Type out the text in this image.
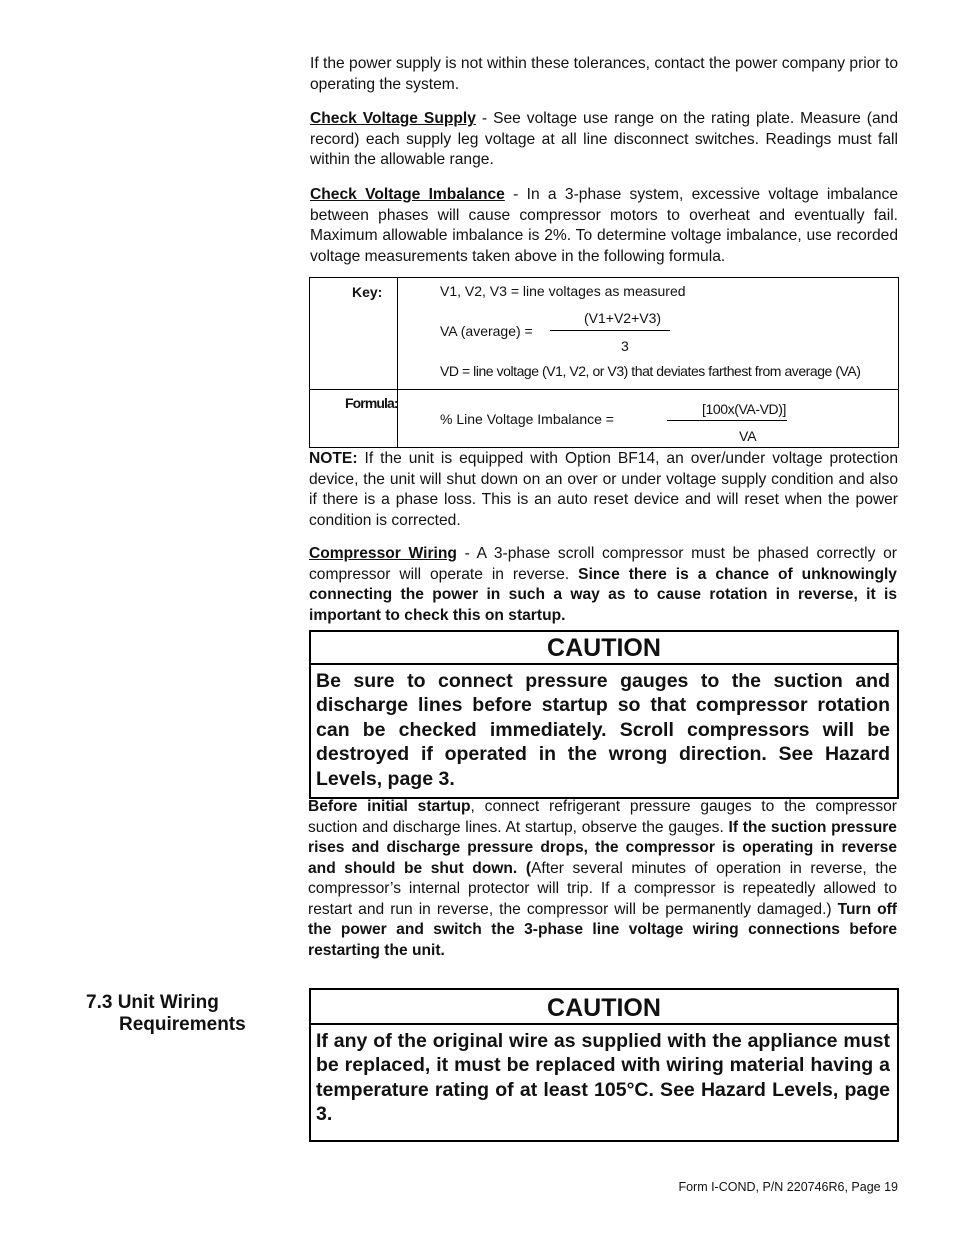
If the power supply is not within these tolerances, contact the power company prior to operating the system.
Check Voltage Supply - See voltage use range on the rating plate. Measure (and record) each supply leg voltage at all line disconnect switches. Readings must fall within the allowable range.
Check Voltage Imbalance - In a 3-phase system, excessive voltage imbalance between phases will cause compressor motors to overheat and eventually fail. Maximum allowable imbalance is 2%. To determine voltage imbalance, use recorded voltage measurements taken above in the following formula.
Key:	V1, V2, V3 = line voltages as measured
VA (average) =
(V1+V2+V3)
3
VD = line voltage (V1, V2, or V3) that deviates farthest from average (VA)
Formula:
% Line Voltage Imbalance =
[100x(VA-VD)]
VA
NOTE: If the unit is equipped with Option BF14, an over/under voltage protection device, the unit will shut down on an over or under voltage supply condition and also if there is a phase loss. This is an auto reset device and will reset when the power condition is corrected.
Compressor Wiring - A 3-phase scroll compressor must be phased correctly or compressor will operate in reverse. Since there is a chance of unknowingly connecting the power in such a way as to cause rotation in reverse, it is important to check this on startup.
CAUTION
Be sure to connect pressure gauges to the suction and discharge lines before startup so that compressor rotation can be checked immediately. Scroll compressors will be destroyed if operated in the wrong direction. See Hazard Levels, page 3.
Before initial startup, connect refrigerant pressure gauges to the compressor suction and discharge lines. At startup, observe the gauges. If the suction pressure rises and discharge pressure drops, the compressor is operating in reverse and should be shut down. (After several minutes of operation in reverse, the compressor’s internal protector will trip. If a compressor is repeatedly allowed to restart and run in reverse, the compressor will be permanently damaged.) Turn off the power and switch the 3-phase line voltage wiring connections before restarting the unit.
7.3 Unit Wiring
Requirements
CAUTION
If any of the original wire as supplied with the appliance must be replaced, it must be replaced with wiring material having a temperature rating of at least 105°C. See Hazard Levels, page 3.
Form I-COND, P/N 220746R6, Page 19
